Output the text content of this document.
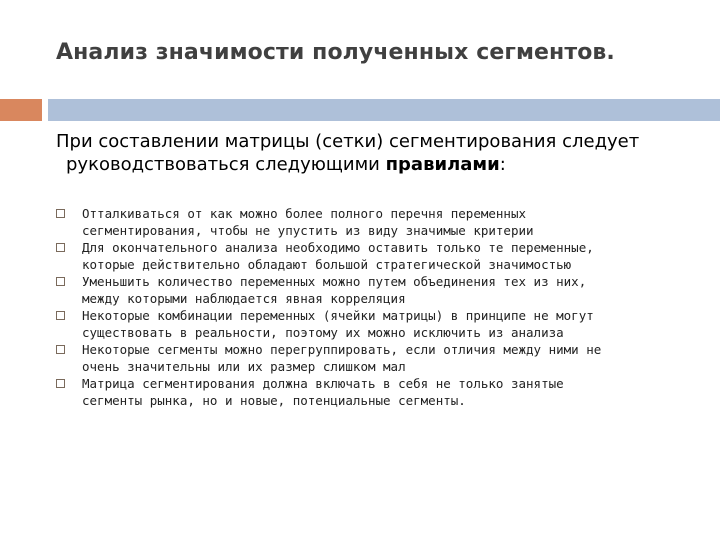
Анализ значимости полученных сегментов.
При составлении матрицы (сетки) сегментирования следует
руководствоваться следующими правилами:
Отталкиваться от как можно более полного перечня переменных
сегментирования, чтобы не упустить из виду значимые критерии
Для окончательного анализа необходимо оставить только те переменные,
которые действительно обладают большой стратегической значимостью
Уменьшить количество переменных можно путем объединения тех из них,
между которыми наблюдается явная корреляция
Некоторые комбинации переменных (ячейки матрицы) в принципе не могут
существовать в реальности, поэтому их можно исключить из анализа
Некоторые сегменты можно перегруппировать, если отличия между ними не
очень значительны или их размер слишком мал
Матрица сегментирования должна включать в себя не только занятые
сегменты рынка, но и новые, потенциальные сегменты.
